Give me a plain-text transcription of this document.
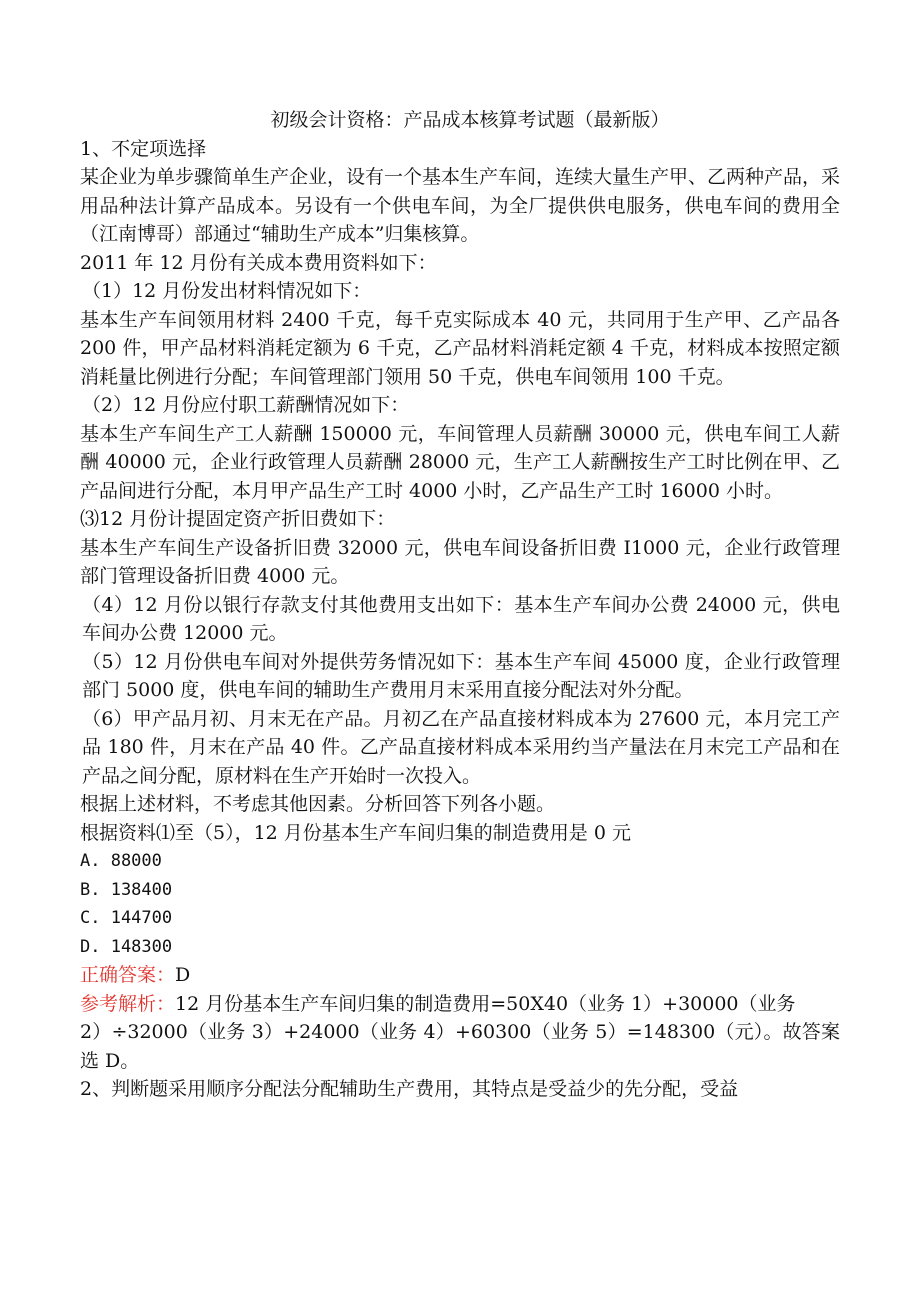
初级会计资格：产品成本核算考试题（最新版）

1、不定项选择

某企业为单步骤简单生产企业，设有一个基本生产车间，连续大量生产甲、乙两种产品，采用品种法计算产品成本。另设有一个供电车间，为全厂提供供电服务，供电车间的费用全（江南博哥）部通过“辅助生产成本”归集核算。

2011 年 12 月份有关成本费用资料如下：

（1）12 月份发出材料情况如下：

基本生产车间领用材料 2400 千克，每千克实际成本 40 元，共同用于生产甲、乙产品各 200 件，甲产品材料消耗定额为 6 千克，乙产品材料消耗定额 4 千克，材料成本按照定额消耗量比例进行分配；车间管理部门领用 50 千克，供电车间领用 100 千克。

（2）12 月份应付职工薪酬情况如下：

基本生产车间生产工人薪酬 150000 元，车间管理人员薪酬 30000 元，供电车间工人薪酬 40000 元，企业行政管理人员薪酬 28000 元，生产工人薪酬按生产工时比例在甲、乙产品间进行分配，本月甲产品生产工时 4000 小时，乙产品生产工时 16000 小时。

⑶12 月份计提固定资产折旧费如下：

基本生产车间生产设备折旧费 32000 元，供电车间设备折旧费 I1000 元，企业行政管理部门管理设备折旧费 4000 元。

（4）12 月份以银行存款支付其他费用支出如下：基本生产车间办公费 24000 元，供电车间办公费 12000 元。

（5）12 月份供电车间对外提供劳务情况如下：基本生产车间 45000 度，企业行政管理部门 5000 度，供电车间的辅助生产费用月末采用直接分配法对外分配。

（6）甲产品月初、月末无在产品。月初乙在产品直接材料成本为 27600 元，本月完工产品 180 件，月末在产品 40 件。乙产品直接材料成本采用约当产量法在月末完工产品和在产品之间分配，原材料在生产开始时一次投入。

根据上述材料，不考虑其他因素。分析回答下列各小题。

根据资料⑴至（5），12 月份基本生产车间归集的制造费用是 0 元

A. 88000

B. 138400

C. 144700

D. 148300

正确答案：D

参考解析：12 月份基本生产车间归集的制造费用=50X40（业务 1）+30000（业务

2）÷32000（业务 3）+24000（业务 4）+60300（业务 5）=148300（元）。故答案选 D。

2、判断题采用顺序分配法分配辅助生产费用，其特点是受益少的先分配，受益
